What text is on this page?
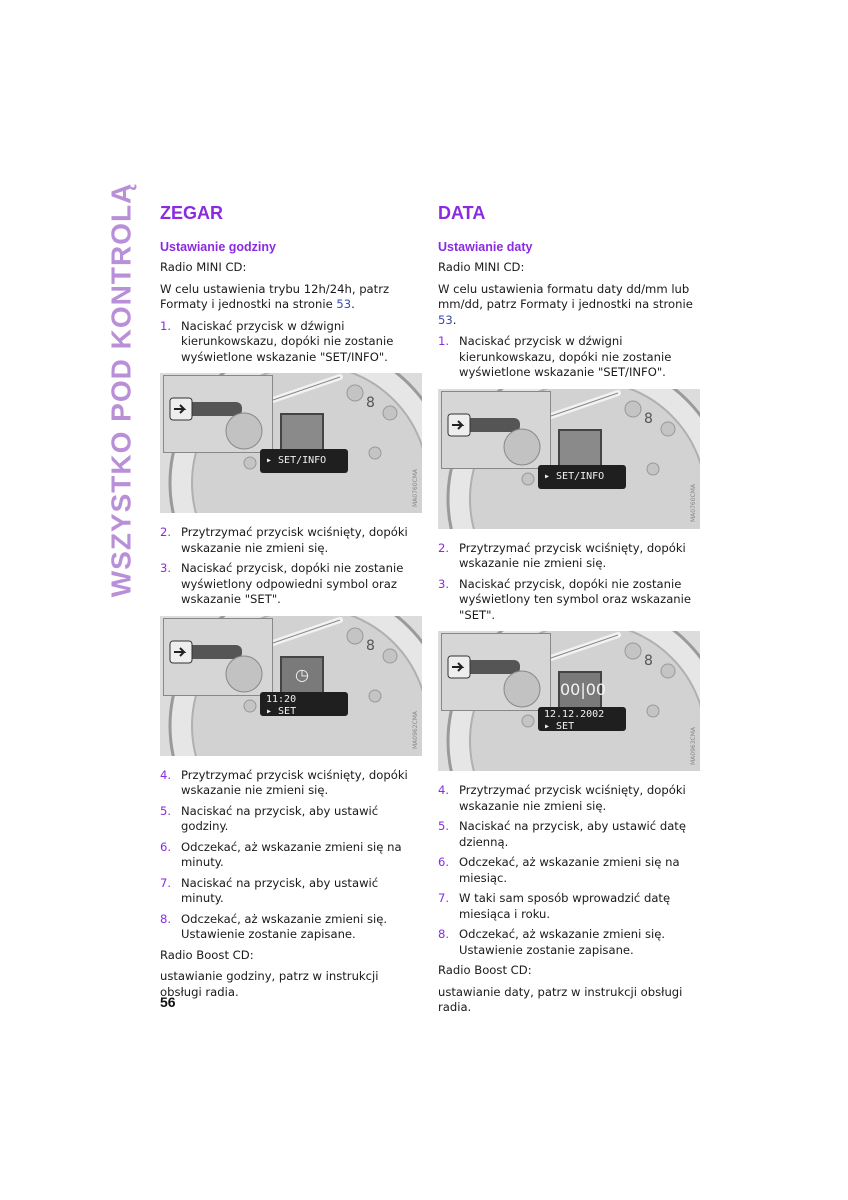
WSZYSTKO POD KONTROLĄ ZEGAR
Ustawianie godziny

Radio MINI CD:

W celu ustawienia trybu 12h/24h, patrz Formaty i jednostki na stronie 53.

1. Naciskać przycisk w dźwigni kierunkowskazu, dopóki nie zostanie wyświetlone wskazanie "SET/INFO".
8
▸ SET/INFO
MA0760CMA
2. Przytrzymać przycisk wciśnięty, dopóki wskazanie nie zmieni się.
3. Naciskać przycisk, dopóki nie zostanie wyświetlony odpowiedni symbol oraz wskazanie "SET".
8
◷
11:20
▸ SET
MA0962CMA
4. Przytrzymać przycisk wciśnięty, dopóki wskazanie nie zmieni się.
5. Naciskać na przycisk, aby ustawić godziny.
6. Odczekać, aż wskazanie zmieni się na minuty.
7. Naciskać na przycisk, aby ustawić minuty.
8. Odczekać, aż wskazanie zmieni się. Ustawienie zostanie zapisane.

Radio Boost CD:

ustawianie godziny, patrz w instrukcji obsługi radia.

DATA
Ustawianie daty

Radio MINI CD:

W celu ustawienia formatu daty dd/mm lub mm/dd, patrz Formaty i jednostki na stronie 53.

1. Naciskać przycisk w dźwigni kierunkowskazu, dopóki nie zostanie wyświetlone wskazanie "SET/INFO".
8
▸ SET/INFO
MA0760CMA
2. Przytrzymać przycisk wciśnięty, dopóki wskazanie nie zmieni się.
3. Naciskać przycisk, dopóki nie zostanie wyświetlony ten symbol oraz wskazanie "SET".
8
00|00
12.12.2002
▸ SET
MA0963CMA
4. Przytrzymać przycisk wciśnięty, dopóki wskazanie nie zmieni się.
5. Naciskać na przycisk, aby ustawić datę dzienną.
6. Odczekać, aż wskazanie zmieni się na miesiąc.
7. W taki sam sposób wprowadzić datę miesiąca i roku.
8. Odczekać, aż wskazanie zmieni się. Ustawienie zostanie zapisane.

Radio Boost CD:

ustawianie daty, patrz w instrukcji obsługi radia.

56
